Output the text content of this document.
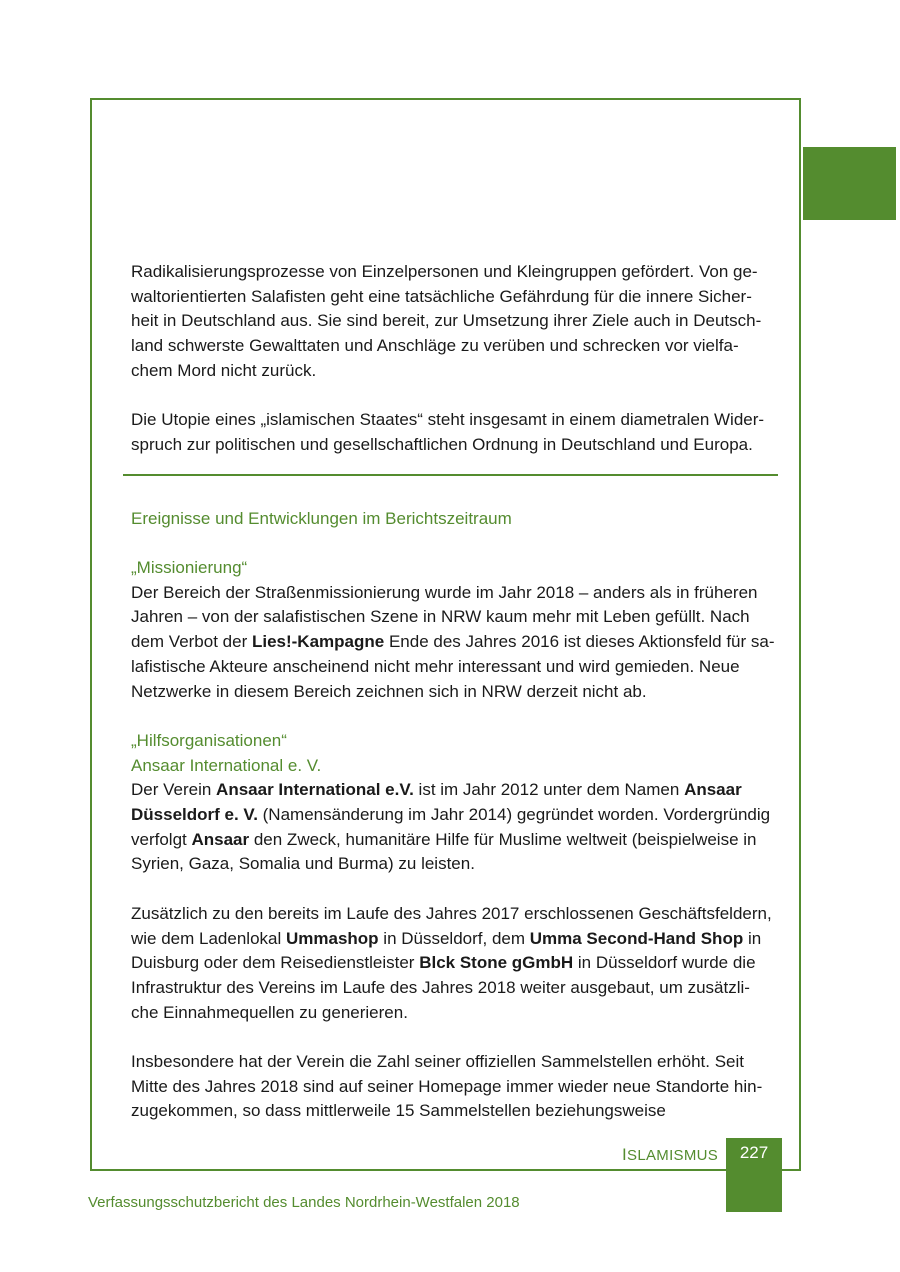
Radikalisierungsprozesse von Einzelpersonen und Kleingruppen gefördert. Von ge-
waltorientierten Salafisten geht eine tatsächliche Gefährdung für die innere Sicher-
heit in Deutschland aus. Sie sind bereit, zur Umsetzung ihrer Ziele auch in Deutsch-
land schwerste Gewalttaten und Anschläge zu verüben und schrecken vor vielfa-
chem Mord nicht zurück.

Die Utopie eines „islamischen Staates“ steht insgesamt in einem diametralen Wider-
spruch zur politischen und gesellschaftlichen Ordnung in Deutschland und Europa.

Ereignisse und Entwicklungen im Berichtszeitraum

„Missionierung“

Der Bereich der Straßenmissionierung wurde im Jahr 2018 – anders als in früheren
Jahren – von der salafistischen Szene in NRW kaum mehr mit Leben gefüllt. Nach
dem Verbot der Lies!-Kampagne Ende des Jahres 2016 ist dieses Aktionsfeld für sa-
lafistische Akteure anscheinend nicht mehr interessant und wird gemieden. Neue
Netzwerke in diesem Bereich zeichnen sich in NRW derzeit nicht ab.

„Hilfsorganisationen“

Ansaar International e. V.

Der Verein Ansaar International e.V. ist im Jahr 2012 unter dem Namen Ansaar
Düsseldorf e. V. (Namensänderung im Jahr 2014) gegründet worden. Vordergründig
verfolgt Ansaar den Zweck, humanitäre Hilfe für Muslime weltweit (beispielweise in
Syrien, Gaza, Somalia und Burma) zu leisten.

Zusätzlich zu den bereits im Laufe des Jahres 2017 erschlossenen Geschäftsfeldern,
wie dem Ladenlokal Ummashop in Düsseldorf, dem Umma Second-Hand Shop in
Duisburg oder dem Reisedienstleister Blck Stone gGmbH in Düsseldorf wurde die
Infrastruktur des Vereins im Laufe des Jahres 2018 weiter ausgebaut, um zusätzli-
che Einnahmequellen zu generieren.

Insbesondere hat der Verein die Zahl seiner offiziellen Sammelstellen erhöht. Seit
Mitte des Jahres 2018 sind auf seiner Homepage immer wieder neue Standorte hin-
zugekommen, so dass mittlerweile 15 Sammelstellen beziehungsweise

ISLAMISMUS	227
Verfassungsschutzbericht des Landes Nordrhein-Westfalen 2018
